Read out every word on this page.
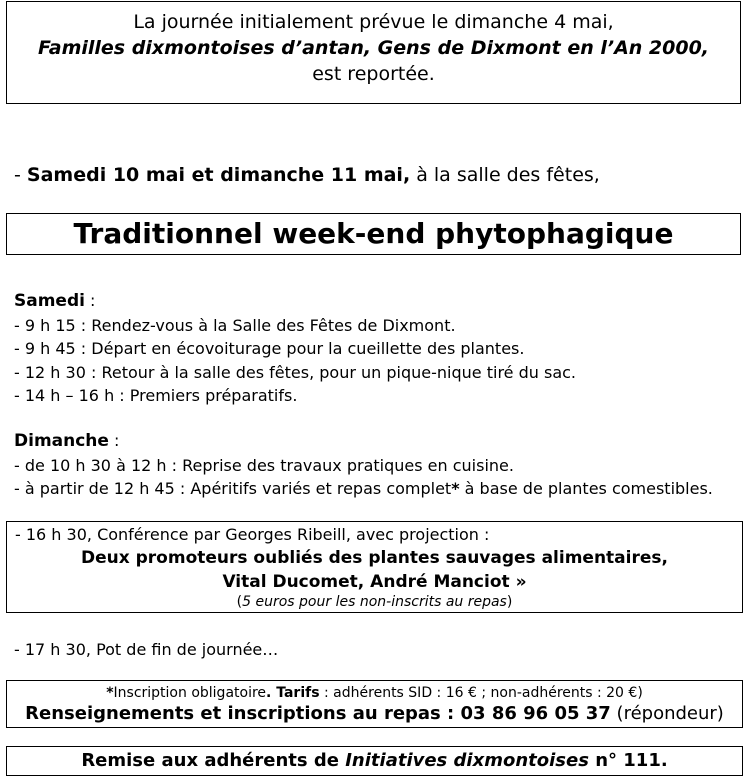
La journée initialement prévue le dimanche 4 mai,
Familles dixmontoises d’antan, Gens de Dixmont en l’An 2000,
est reportée.
- Samedi 10 mai et dimanche 11 mai, à la salle des fêtes,
Traditionnel week-end phytophagique
Samedi :
- 9 h 15 : Rendez-vous à la Salle des Fêtes de Dixmont.
- 9 h 45 : Départ en écovoiturage pour la cueillette des plantes.
- 12 h 30 : Retour à la salle des fêtes, pour un pique-nique tiré du sac.
- 14 h – 16 h : Premiers préparatifs.
Dimanche :
- de 10 h 30 à 12 h : Reprise des travaux pratiques en cuisine.
- à partir de 12 h 45 : Apéritifs variés et repas complet* à base de plantes comestibles.
- 16 h 30, Conférence par Georges Ribeill, avec projection :
Deux promoteurs oubliés des plantes sauvages alimentaires,
Vital Ducomet, André Manciot »
(5 euros pour les non-inscrits au repas)
- 17 h 30, Pot de fin de journée…
*Inscription obligatoire. Tarifs : adhérents SID : 16 € ; non-adhérents : 20 €)
Renseignements et inscriptions au repas : 03 86 96 05 37 (répondeur)
Remise aux adhérents de Initiatives dixmontoises n° 111.
